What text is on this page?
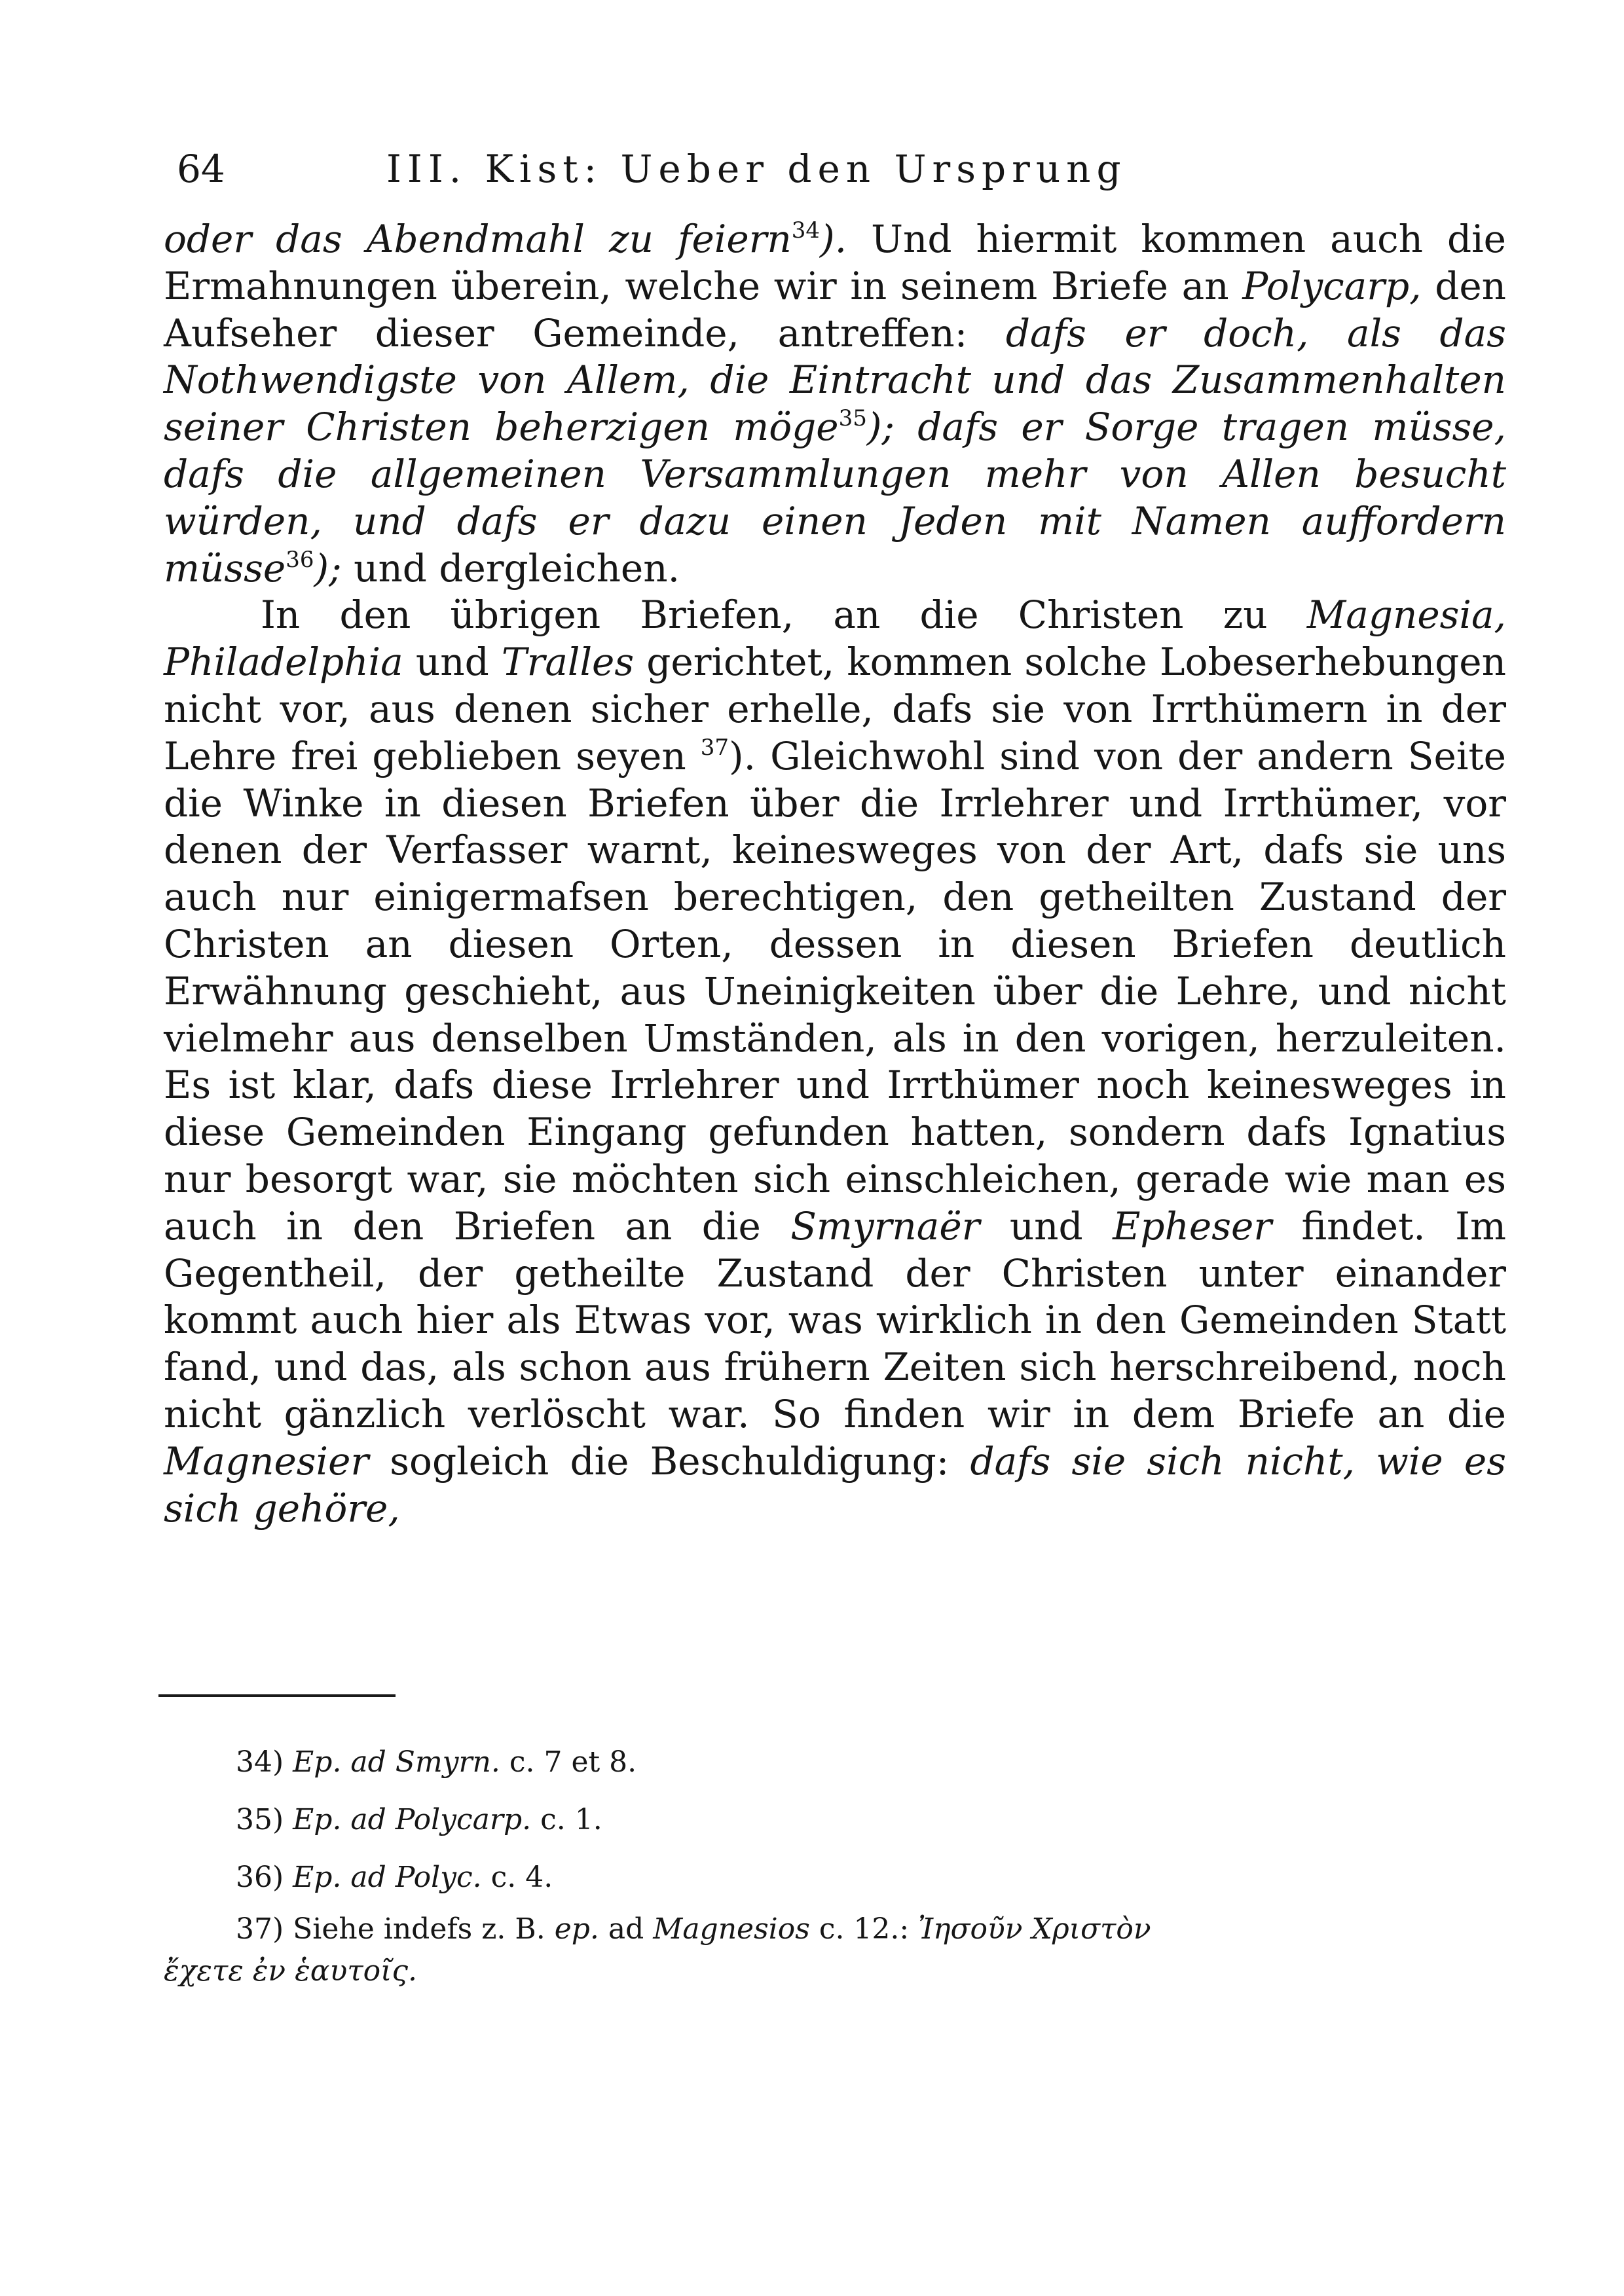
64	III. Kist: Ueber den Ursprung

oder das Abendmahl zu feiern$^{34}$). Und hiermit kommen auch die Ermahnungen überein, welche wir in seinem Briefe an Polycarp, den Aufseher dieser Gemeinde, antreffen: dafs er doch, als das Nothwendigste von Allem, die Eintracht und das Zusammenhalten seiner Christen beherzigen möge$^{35}$); dafs er Sorge tragen müsse, dafs die allgemeinen Versammlungen mehr von Allen besucht würden, und dafs er dazu einen Jeden mit Namen auffordern müsse$^{36}$); und dergleichen.

In den übrigen Briefen, an die Christen zu Magnesia, Philadelphia und Tralles gerichtet, kommen solche Lobeserhebungen nicht vor, aus denen sicher erhelle, dafs sie von Irrthümern in der Lehre frei geblieben seyen $^{37}$). Gleichwohl sind von der andern Seite die Winke in diesen Briefen über die Irrlehrer und Irrthümer, vor denen der Verfasser warnt, keinesweges von der Art, dafs sie uns auch nur einigermafsen berechtigen, den getheilten Zustand der Christen an diesen Orten, dessen in diesen Briefen deutlich Erwähnung geschieht, aus Uneinigkeiten über die Lehre, und nicht vielmehr aus denselben Umständen, als in den vorigen, herzuleiten. Es ist klar, dafs diese Irrlehrer und Irrthümer noch keinesweges in diese Gemeinden Eingang gefunden hatten, sondern dafs Ignatius nur besorgt war, sie möchten sich einschleichen, gerade wie man es auch in den Briefen an die Smyrnaër und Epheser findet. Im Gegentheil, der getheilte Zustand der Christen unter einander kommt auch hier als Etwas vor, was wirklich in den Gemeinden Statt fand, und das, als schon aus frühern Zeiten sich herschreibend, noch nicht gänzlich verlöscht war. So finden wir in dem Briefe an die Magnesier sogleich die Beschuldigung: dafs sie sich nicht, wie es sich gehöre,

34) Ep. ad Smyrn. c. 7 et 8.

35) Ep. ad Polycarp. c. 1.

36) Ep. ad Polyc. c. 4.

37) Siehe indefs z. B. ep. ad Magnesios c. 12.: Ἰησοῦν Χριστὸν

ἔχετε ἐν ἑαυτοῖς.
